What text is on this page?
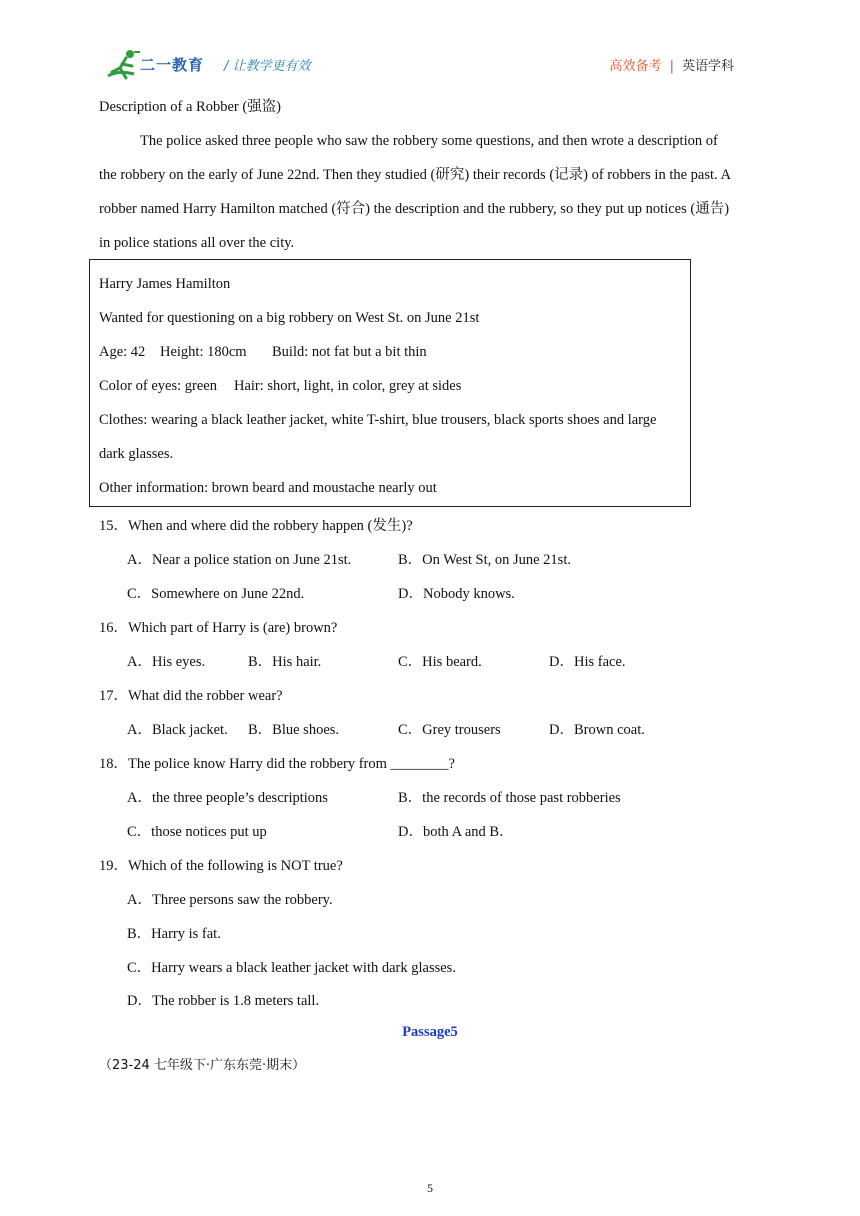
二一教育 / 让教学更有效	高效备考 | 英语学科
Description of a Robber (强盗)
The police asked three people who saw the robbery some questions, and then wrote a description of
the robbery on the early of June 22nd. Then they studied (研究) their records (记录) of robbers in the past. A
robber named Harry Hamilton matched (符合) the description and the rubbery, so they put up notices (通告)
in police stations all over the city.
Harry James Hamilton
Wanted for questioning on a big robbery on West St. on June 21st
Age: 42 Height: 180cm Build: not fat but a bit thin
Color of eyes: green Hair: short, light, in color, grey at sides
Clothes: wearing a black leather jacket, white T-shirt, blue trousers, black sports shoes and large
dark glasses.
Other information: brown beard and moustache nearly out
15．When and where did the robbery happen (发生)?
A．Near a police station on June 21st.	B．On West St, on June 21st.
C．Somewhere on June 22nd.	D．Nobody knows.
16．Which part of Harry is (are) brown?
A．His eyes.	B．His hair.	C．His beard.	D．His face.
17．What did the robber wear?
A．Black jacket. B．Blue shoes.	C．Grey trousers	D．Brown coat.
18．The police know Harry did the robbery from ________?
A．the three people’s descriptions	B．the records of those past robberies
C．those notices put up	D．both A and B．
19．Which of the following is NOT true?
A．Three persons saw the robbery.
B．Harry is fat.
C．Harry wears a black leather jacket with dark glasses.
D．The robber is 1.8 meters tall.
Passage5
（23-24 七年级下·广东东莞·期末）
5
